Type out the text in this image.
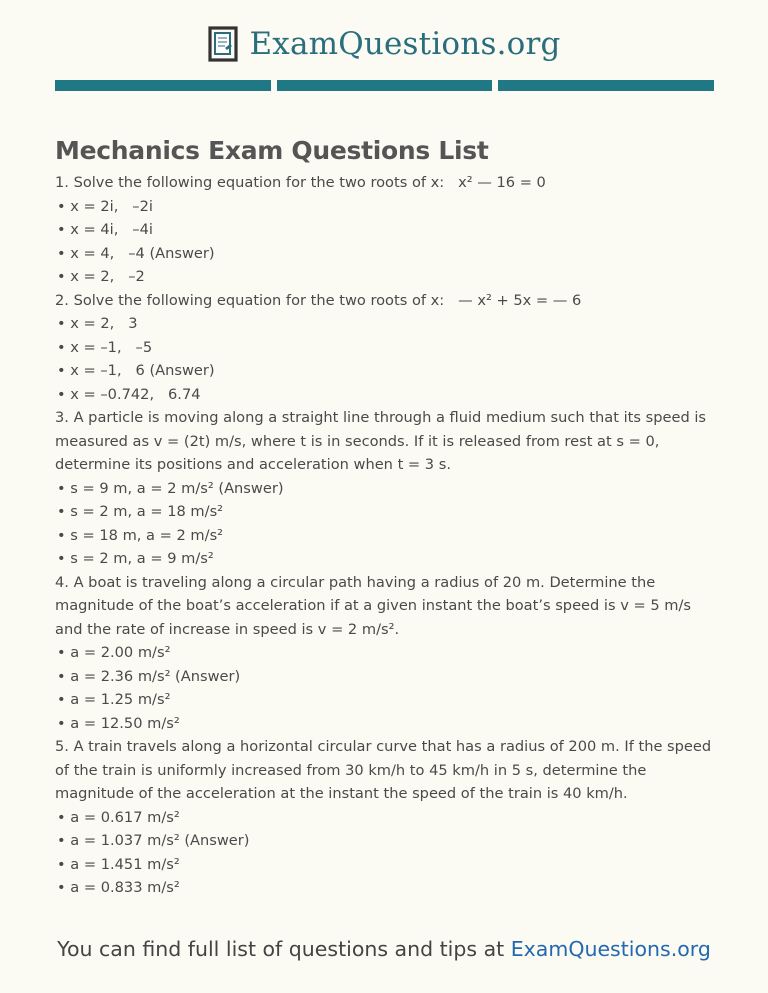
ExamQuestions.org
Mechanics Exam Questions List
1. Solve the following equation for the two roots of x:   x² — 16 = 0
• x = 2i,   –2i
• x = 4i,   –4i
• x = 4,   –4 (Answer)
• x = 2,   –2
2. Solve the following equation for the two roots of x:   — x² + 5x = — 6
• x = 2,   3
• x = –1,   –5
• x = –1,   6 (Answer)
• x = –0.742,   6.74
3. A particle is moving along a straight line through a fluid medium such that its speed is measured as v = (2t) m/s, where t is in seconds. If it is released from rest at s = 0, determine its positions and acceleration when t = 3 s.
• s = 9 m, a = 2 m/s² (Answer)
• s = 2 m, a = 18 m/s²
• s = 18 m, a = 2 m/s²
• s = 2 m, a = 9 m/s²
4. A boat is traveling along a circular path having a radius of 20 m. Determine the magnitude of the boat’s acceleration if at a given instant the boat’s speed is v = 5 m/s and the rate of increase in speed is v = 2 m/s².
• a = 2.00 m/s²
• a = 2.36 m/s² (Answer)
• a = 1.25 m/s²
• a = 12.50 m/s²
5. A train travels along a horizontal circular curve that has a radius of 200 m. If the speed of the train is uniformly increased from 30 km/h to 45 km/h in 5 s, determine the magnitude of the acceleration at the instant the speed of the train is 40 km/h.
• a = 0.617 m/s²
• a = 1.037 m/s² (Answer)
• a = 1.451 m/s²
• a = 0.833 m/s²
You can find full list of questions and tips at ExamQuestions.org
